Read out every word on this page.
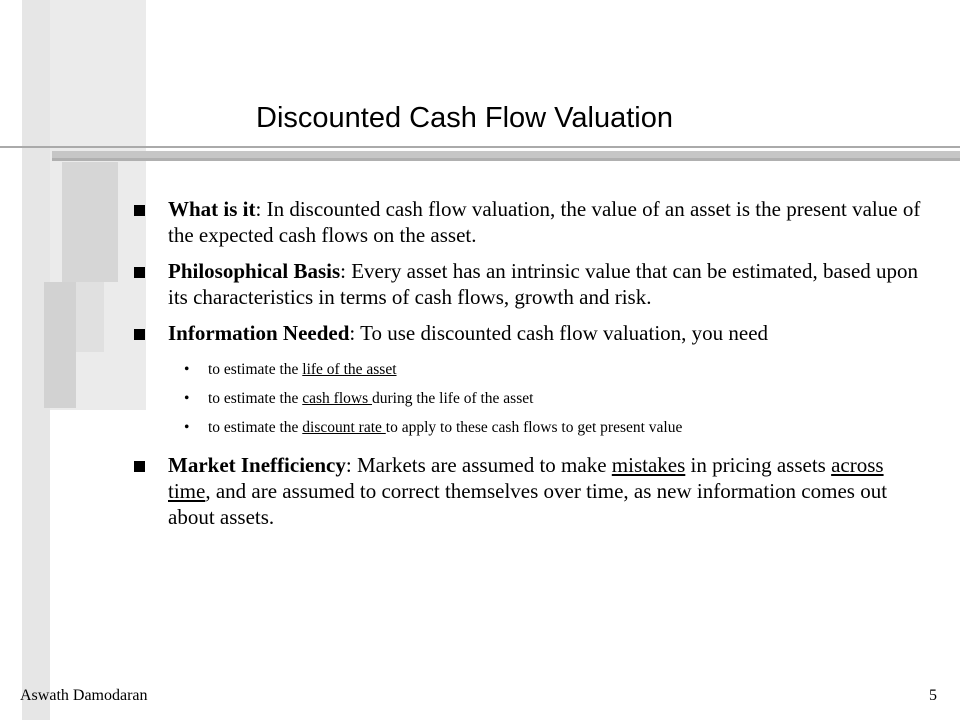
Discounted Cash Flow Valuation
What is it: In discounted cash flow valuation, the value of an asset is the present value of the expected cash flows on the asset.
Philosophical Basis: Every asset has an intrinsic value that can be estimated, based upon its characteristics in terms of cash flows, growth and risk.
Information Needed: To use discounted cash flow valuation, you need
• to estimate the life of the asset
• to estimate the cash flows during the life of the asset
• to estimate the discount rate to apply to these cash flows to get present value
Market Inefficiency: Markets are assumed to make mistakes in pricing assets across time, and are assumed to correct themselves over time, as new information comes out about assets.
Aswath Damodaran	5
